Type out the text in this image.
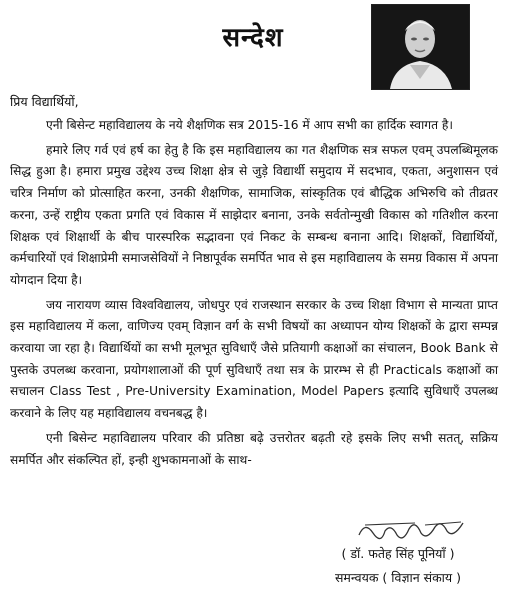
सन्देश
प्रिय विद्यार्थियों,

एनी बिसेन्ट महाविद्यालय के नये शैक्षणिक सत्र 2015-16 में आप सभी का हार्दिक स्वागत है।

हमारे लिए गर्व एवं हर्ष का हेतु है कि इस महाविद्यालय का गत शैक्षणिक सत्र सफल एवम् उपलब्धिमूलक सिद्ध हुआ है। हमारा प्रमुख उद्देश्य उच्च शिक्षा क्षेत्र से जुड़े विद्यार्थी समुदाय में सदभाव, एकता, अनुशासन एवं चरित्र निर्माण को प्रोत्साहित करना, उनकी शैक्षणिक, सामाजिक, सांस्कृतिक एवं बौद्धिक अभिरुचि को तीव्रतर करना, उन्हें राष्ट्रीय एकता प्रगति एवं विकास में साझेदार बनाना, उनके सर्वतोन्मुखी विकास को गतिशील करना शिक्षक एवं शिक्षार्थी के बीच पारस्परिक सद्भावना एवं निकट के सम्बन्ध बनाना आदि। शिक्षकों, विद्यार्थियों, कर्मचारियों एवं शिक्षाप्रेमी समाजसेवियों ने निष्ठापूर्वक समर्पित भाव से इस महाविद्यालय के समग्र विकास में अपना योगदान दिया है।

जय नारायण व्यास विश्वविद्यालय, जोधपुर एवं राजस्थान सरकार के उच्च शिक्षा विभाग से मान्यता प्राप्त इस महाविद्यालय में कला, वाणिज्य एवम् विज्ञान वर्ग के सभी विषयों का अध्यापन योग्य शिक्षकों के द्वारा सम्पन्न करवाया जा रहा है। विद्यार्थियों का सभी मूलभूत सुविधाएँ जैसे प्रतियागी कक्षाओं का संचालन, Book Bank से पुस्तके उपलब्ध करवाना, प्रयोगशालाओं की पूर्ण सुविधाएँ तथा सत्र के प्रारम्भ से ही Practicals कक्षाओं का सचालन Class Test , Pre-University Examination, Model Papers इत्यादि सुविधाएँ उपलब्ध करवाने के लिए यह महाविद्यालय वचनबद्ध है।

एनी बिसेन्ट महाविद्यालय परिवार की प्रतिष्ठा बढ़े उत्तरोतर बढ़ती रहे इसके लिए सभी सतत्, सक्रिय समर्पित और संकल्पित हों, इन्ही शुभकामनाओं के साथ-

( डॉ. फतेह सिंह पूनियाँ )
समन्वयक ( विज्ञान संकाय )
